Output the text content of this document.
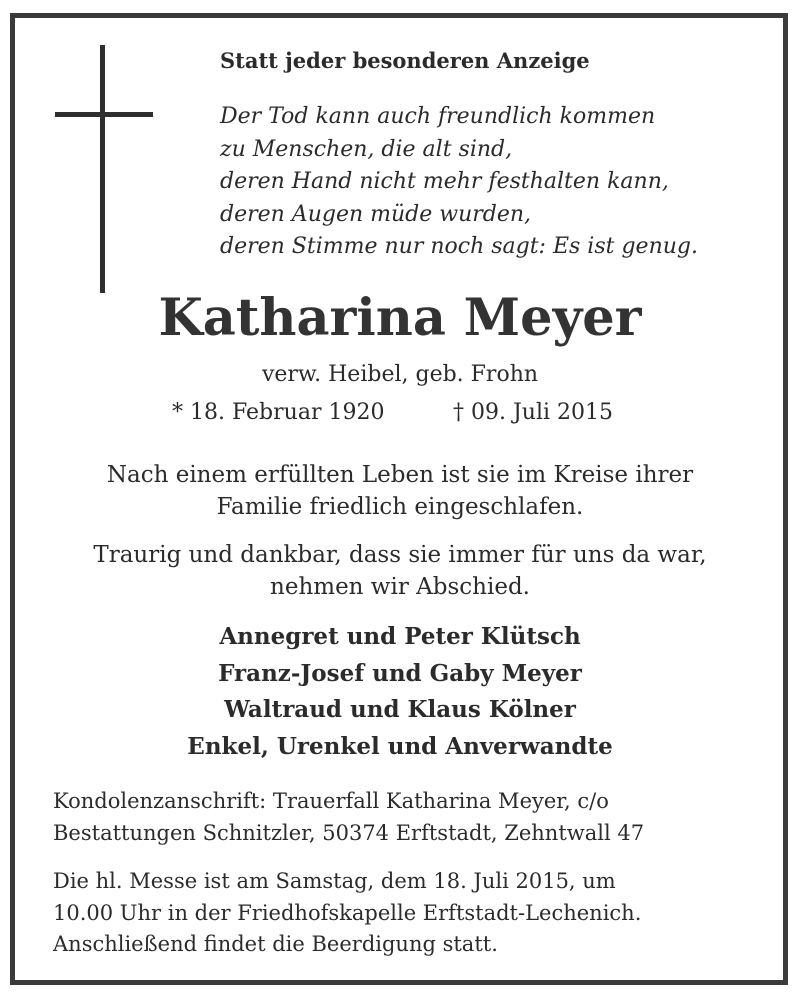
Statt jeder besonderen Anzeige
Der Tod kann auch freundlich kommen
zu Menschen, die alt sind,
deren Hand nicht mehr festhalten kann,
deren Augen müde wurden,
deren Stimme nur noch sagt: Es ist genug.
Katharina Meyer
verw. Heibel, geb. Frohn
* 18. Februar 1920	† 09. Juli 2015
Nach einem erfüllten Leben ist sie im Kreise ihrer
Familie friedlich eingeschlafen.
Traurig und dankbar, dass sie immer für uns da war,
nehmen wir Abschied.
Annegret und Peter Klütsch
Franz-Josef und Gaby Meyer
Waltraud und Klaus Kölner
Enkel, Urenkel und Anverwandte
Kondolenzanschrift: Trauerfall Katharina Meyer, c/o
Bestattungen Schnitzler, 50374 Erftstadt, Zehntwall 47
Die hl. Messe ist am Samstag, dem 18. Juli 2015, um
10.00 Uhr in der Friedhofskapelle Erftstadt-Lechenich.
Anschließend findet die Beerdigung statt.
